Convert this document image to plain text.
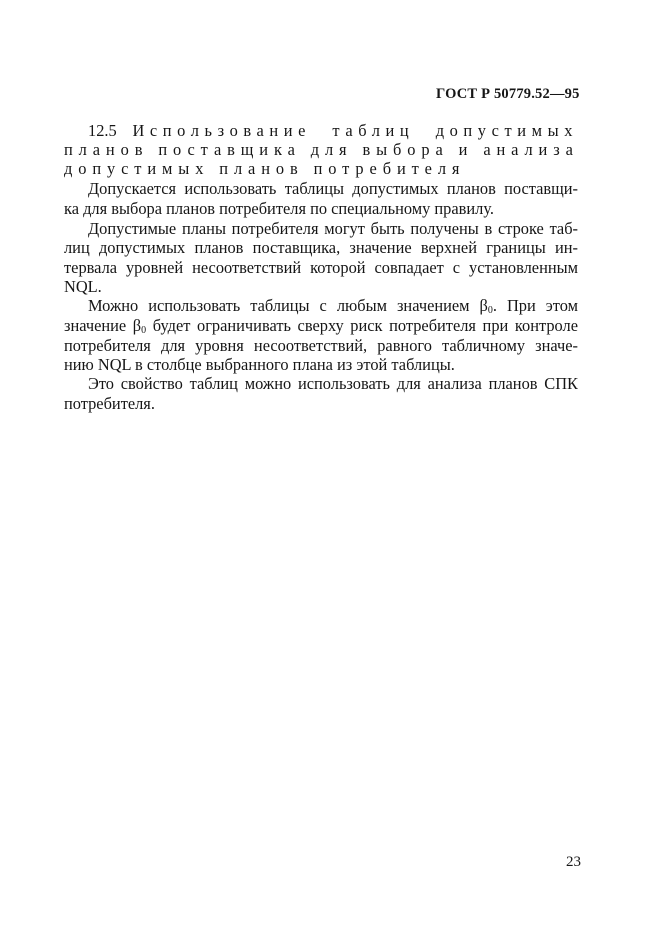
ГОСТ Р 50779.52—95
12.5 Использование таблиц допустимых
планов поставщика для выбора и анализа
допустимых планов потребителя
Допускается использовать таблицы допустимых планов поставщи-
ка для выбора планов потребителя по специальному правилу.
Допустимые планы потребителя могут быть получены в строке таб-
лиц допустимых планов поставщика, значение верхней границы ин-
тервала уровней несоответствий которой совпадает с установленным
NQL.
Можно использовать таблицы с любым значением $\beta_0$. При этом
значение $\beta_0$ будет ограничивать сверху риск потребителя при контроле
потребителя для уровня несоответствий, равного табличному значе-
нию NQL в столбце выбранного плана из этой таблицы.
Это свойство таблиц можно использовать для анализа планов СПК
потребителя.
23
